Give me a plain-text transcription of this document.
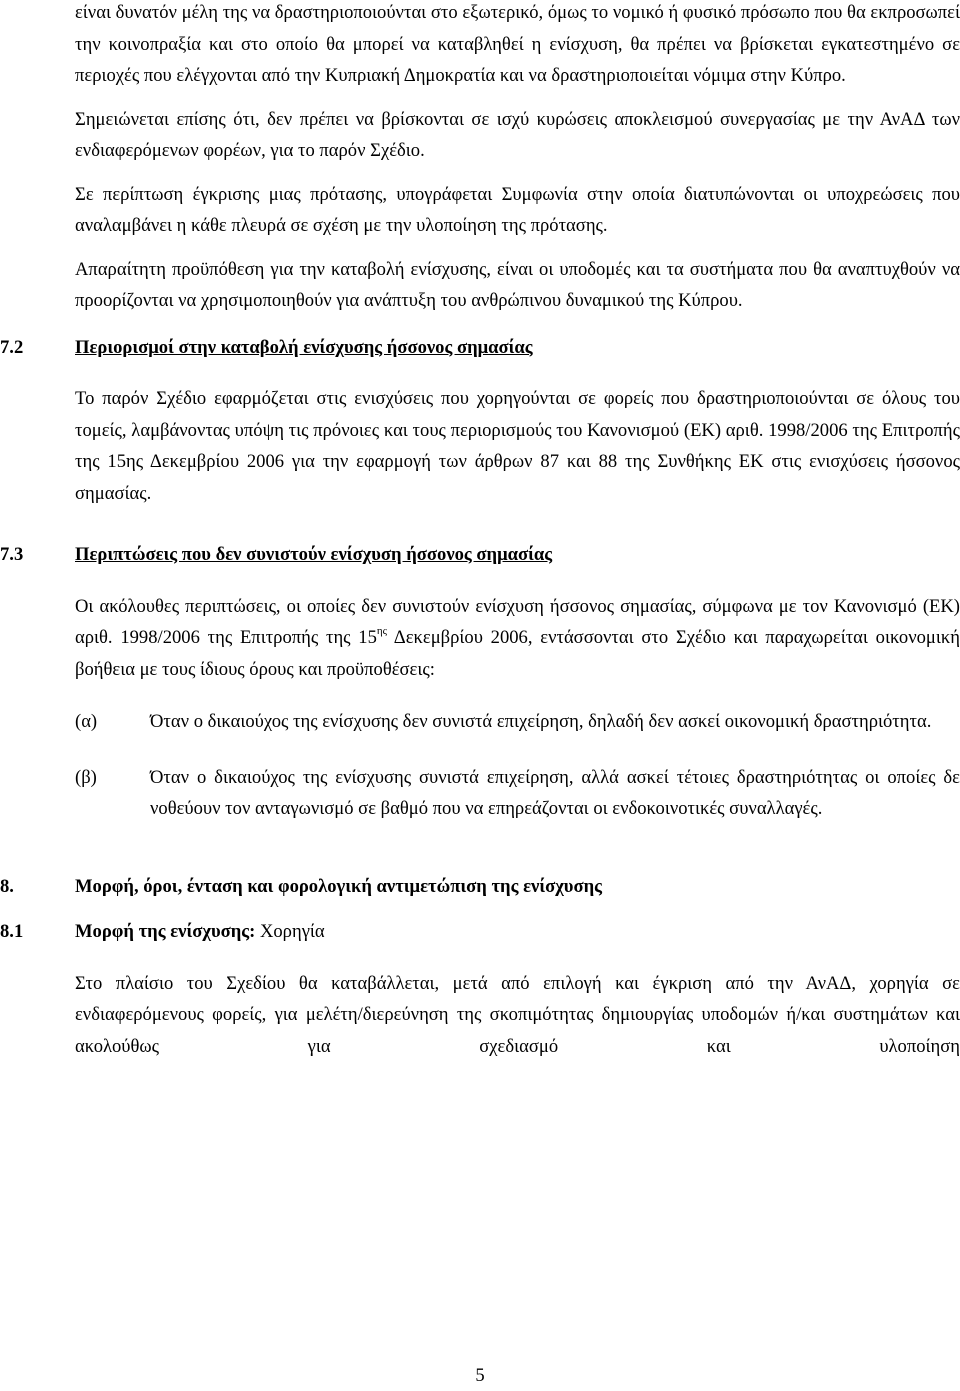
είναι δυνατόν μέλη της να δραστηριοποιούνται στο εξωτερικό, όμως το νομικό ή φυσικό πρόσωπο που θα εκπροσωπεί την κοινοπραξία και στο οποίο θα μπορεί να καταβληθεί η ενίσχυση, θα πρέπει να βρίσκεται εγκατεστημένο σε περιοχές που ελέγχονται από την Κυπριακή Δημοκρατία και να δραστηριοποιείται νόμιμα στην Κύπρο.

Σημειώνεται επίσης ότι, δεν πρέπει να βρίσκονται σε ισχύ κυρώσεις αποκλεισμού συνεργασίας με την ΑνΑΔ των ενδιαφερόμενων φορέων, για το παρόν Σχέδιο.

Σε περίπτωση έγκρισης μιας πρότασης, υπογράφεται Συμφωνία στην οποία διατυπώνονται οι υποχρεώσεις που αναλαμβάνει η κάθε πλευρά σε σχέση με την υλοποίηση της πρότασης.

Απαραίτητη προϋπόθεση για την καταβολή ενίσχυσης, είναι οι υποδομές και τα συστήματα που θα αναπτυχθούν να προορίζονται να χρησιμοποιηθούν για ανάπτυξη του ανθρώπινου δυναμικού της Κύπρου.

7.2	Περιορισμοί στην καταβολή ενίσχυσης ήσσονος σημασίας

Το παρόν Σχέδιο εφαρμόζεται στις ενισχύσεις που χορηγούνται σε φορείς που δραστηριοποιούνται σε όλους του τομείς, λαμβάνοντας υπόψη τις πρόνοιες και τους περιορισμούς του Κανονισμού (ΕΚ) αριθ. 1998/2006 της Επιτροπής της 15ης Δεκεμβρίου 2006 για την εφαρμογή των άρθρων 87 και 88 της Συνθήκης ΕΚ στις ενισχύσεις ήσσονος σημασίας.

7.3	Περιπτώσεις που δεν συνιστούν ενίσχυση ήσσονος σημασίας

Οι ακόλουθες περιπτώσεις, οι οποίες δεν συνιστούν ενίσχυση ήσσονος σημασίας, σύμφωνα με τον Κανονισμό (ΕΚ) αριθ. 1998/2006 της Επιτροπής της $15^{\eta\varsigma}$ Δεκεμβρίου 2006, εντάσσονται στο Σχέδιο και παραχωρείται οικονομική βοήθεια με τους ίδιους όρους και προϋποθέσεις:

(α)	Όταν ο δικαιούχος της ενίσχυσης δεν συνιστά επιχείρηση, δηλαδή δεν ασκεί οικονομική δραστηριότητα.

(β)	Όταν ο δικαιούχος της ενίσχυσης συνιστά επιχείρηση, αλλά ασκεί τέτοιες δραστηριότητας οι οποίες δε νοθεύουν τον ανταγωνισμό σε βαθμό που να επηρεάζονται οι ενδοκοινοτικές συναλλαγές.

8.	Μορφή, όροι, ένταση και φορολογική αντιμετώπιση της ενίσχυσης
8.1	Μορφή της ενίσχυσης: Χορηγία

Στο πλαίσιο του Σχεδίου θα καταβάλλεται, μετά από επιλογή και έγκριση από την ΑνΑΔ, χορηγία σε ενδιαφερόμενους φορείς, για μελέτη/διερεύνηση της σκοπιμότητας δημιουργίας υποδομών ή/και συστημάτων και ακολούθως για σχεδιασμό και υλοποίηση

5
